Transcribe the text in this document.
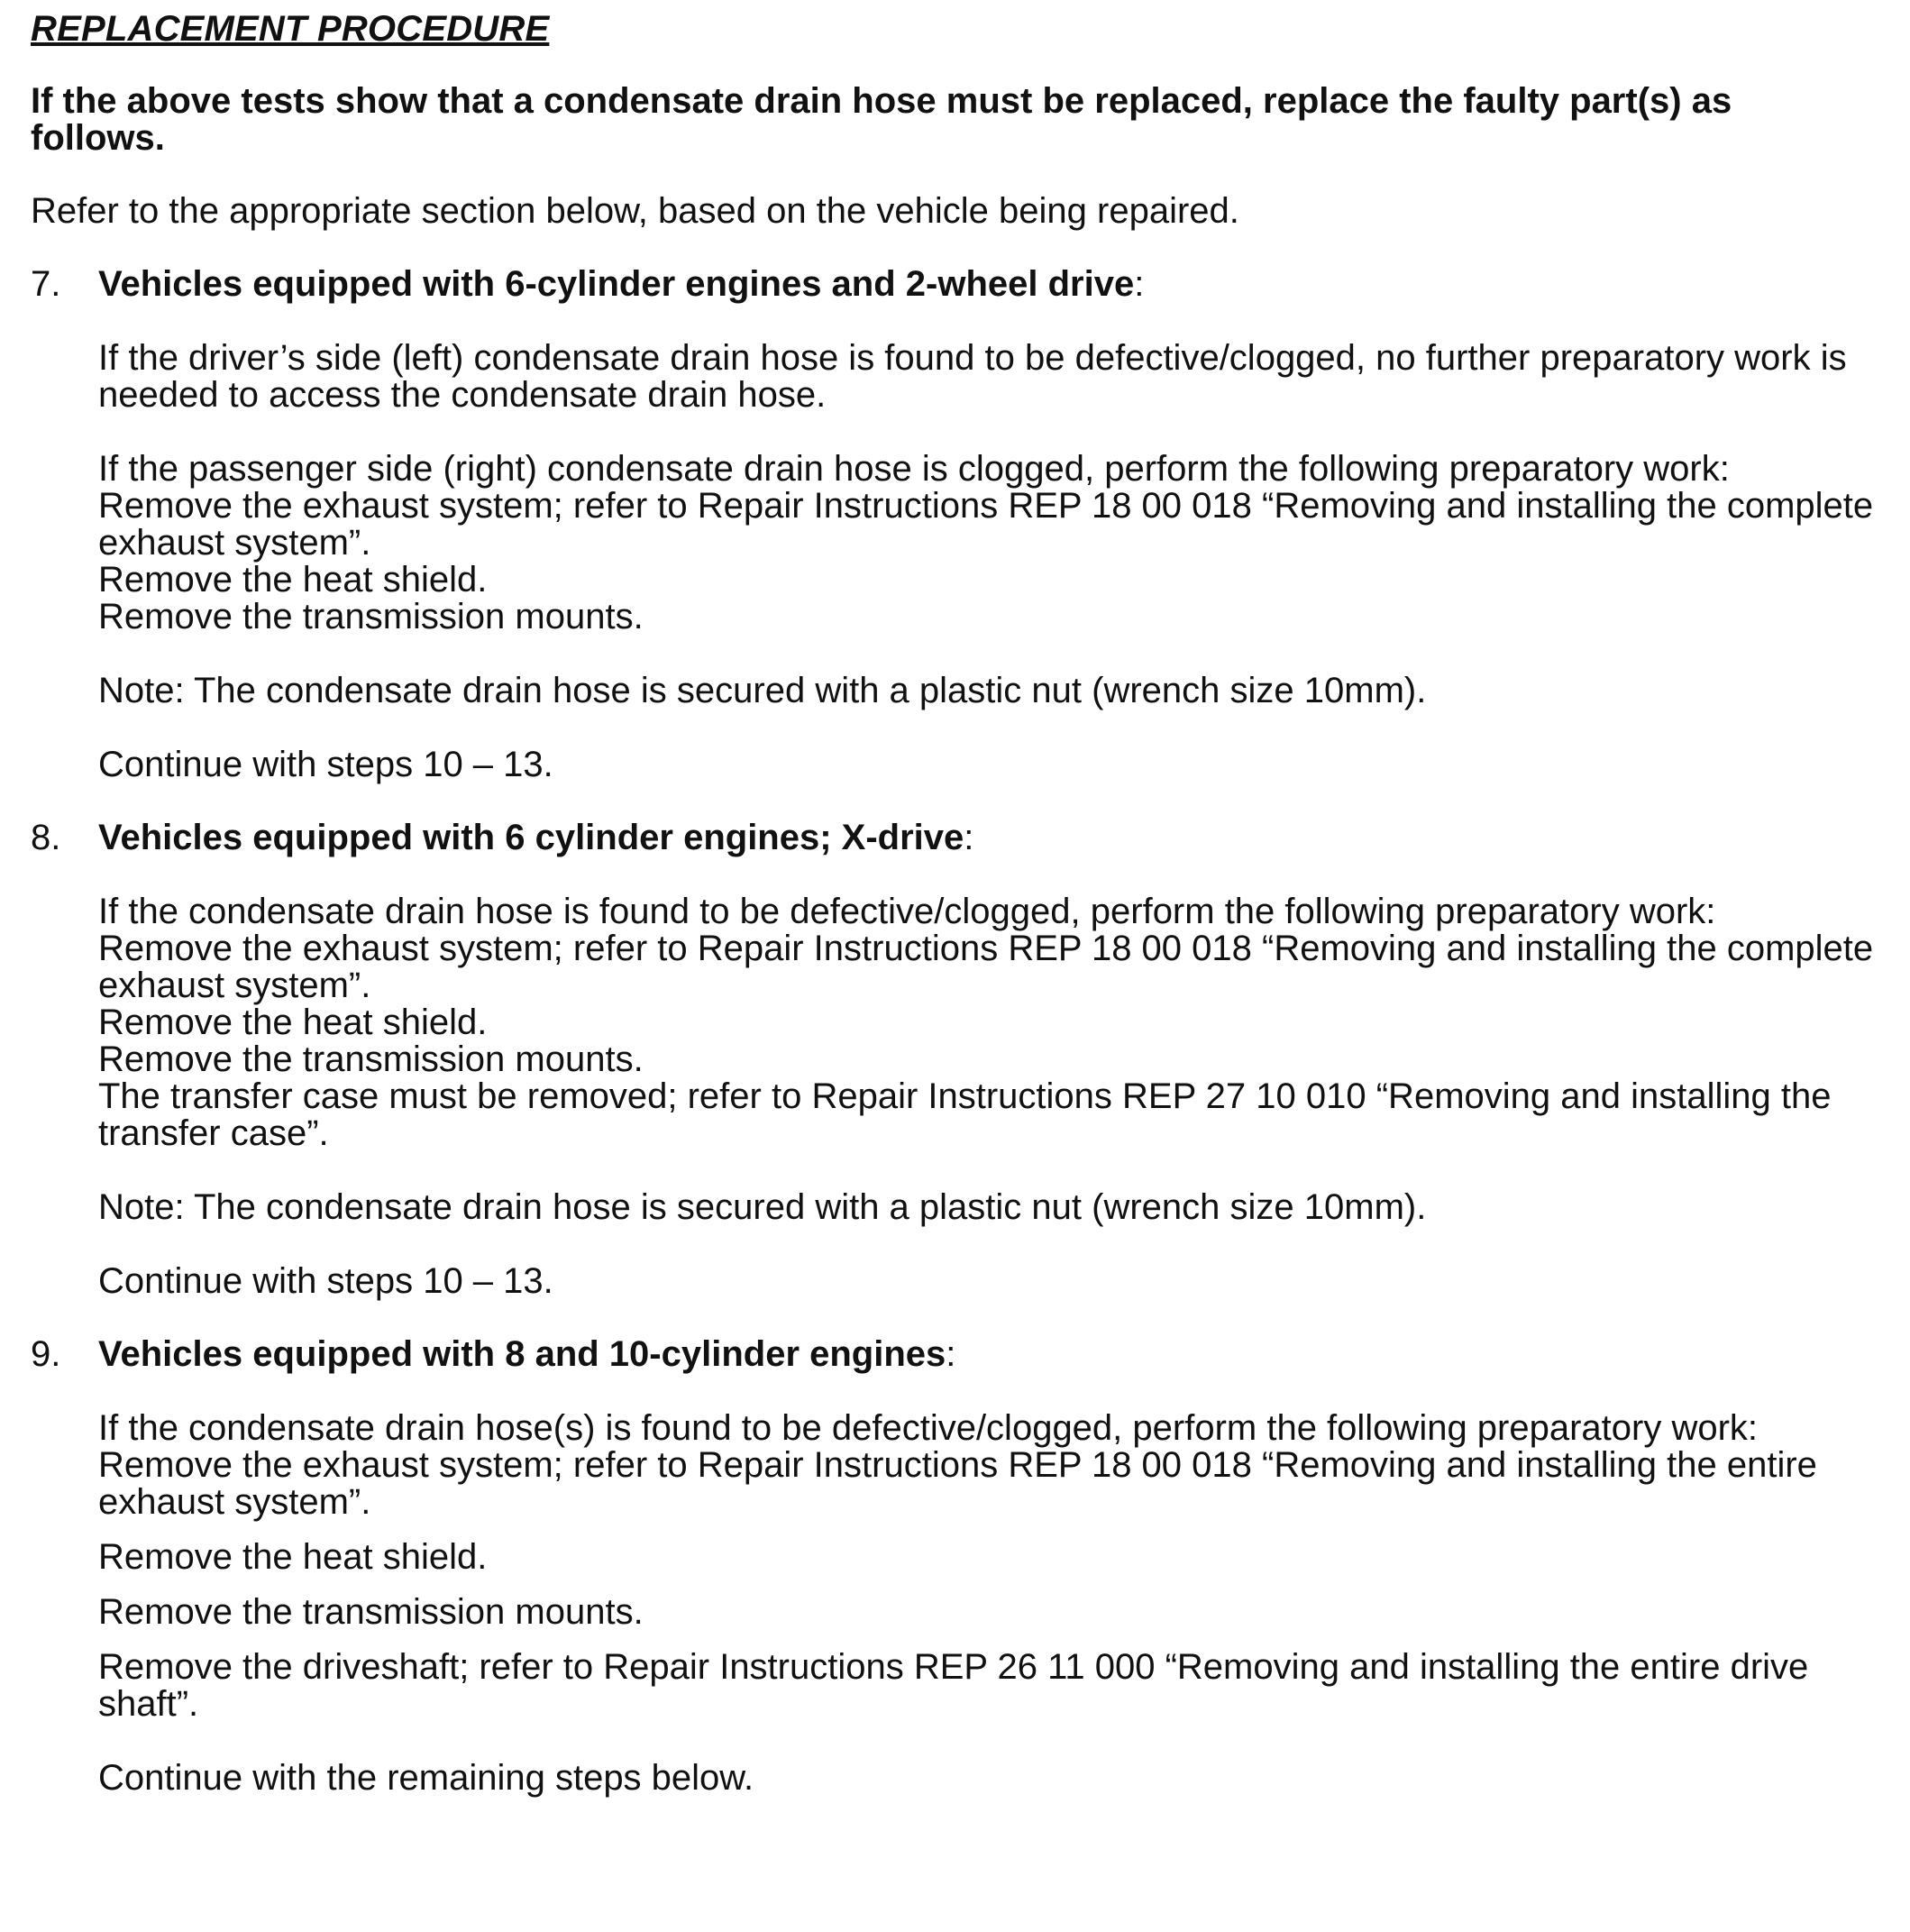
REPLACEMENT PROCEDURE

If the above tests show that a condensate drain hose must be replaced, replace the faulty part(s) as follows.

Refer to the appropriate section below, based on the vehicle being repaired.

7. Vehicles equipped with 6-cylinder engines and 2-wheel drive:

If the driver’s side (left) condensate drain hose is found to be defective/clogged, no further preparatory work is needed to access the condensate drain hose.

If the passenger side (right) condensate drain hose is clogged, perform the following preparatory work:

Remove the exhaust system; refer to Repair Instructions REP 18 00 018 “Removing and installing the complete exhaust system”.

Remove the heat shield.

Remove the transmission mounts.

Note: The condensate drain hose is secured with a plastic nut (wrench size 10mm).

Continue with steps 10 – 13.

8. Vehicles equipped with 6 cylinder engines; X-drive:

If the condensate drain hose is found to be defective/clogged, perform the following preparatory work:

Remove the exhaust system; refer to Repair Instructions REP 18 00 018 “Removing and installing the complete exhaust system”.

Remove the heat shield.

Remove the transmission mounts.

The transfer case must be removed; refer to Repair Instructions REP 27 10 010 “Removing and installing the transfer case”.

Note: The condensate drain hose is secured with a plastic nut (wrench size 10mm).

Continue with steps 10 – 13.

9. Vehicles equipped with 8 and 10-cylinder engines:

If the condensate drain hose(s) is found to be defective/clogged, perform the following preparatory work:

Remove the exhaust system; refer to Repair Instructions REP 18 00 018 “Removing and installing the entire exhaust system”.

Remove the heat shield.

Remove the transmission mounts.

Remove the driveshaft; refer to Repair Instructions REP 26 11 000 “Removing and installing the entire drive shaft”.

Continue with the remaining steps below.
